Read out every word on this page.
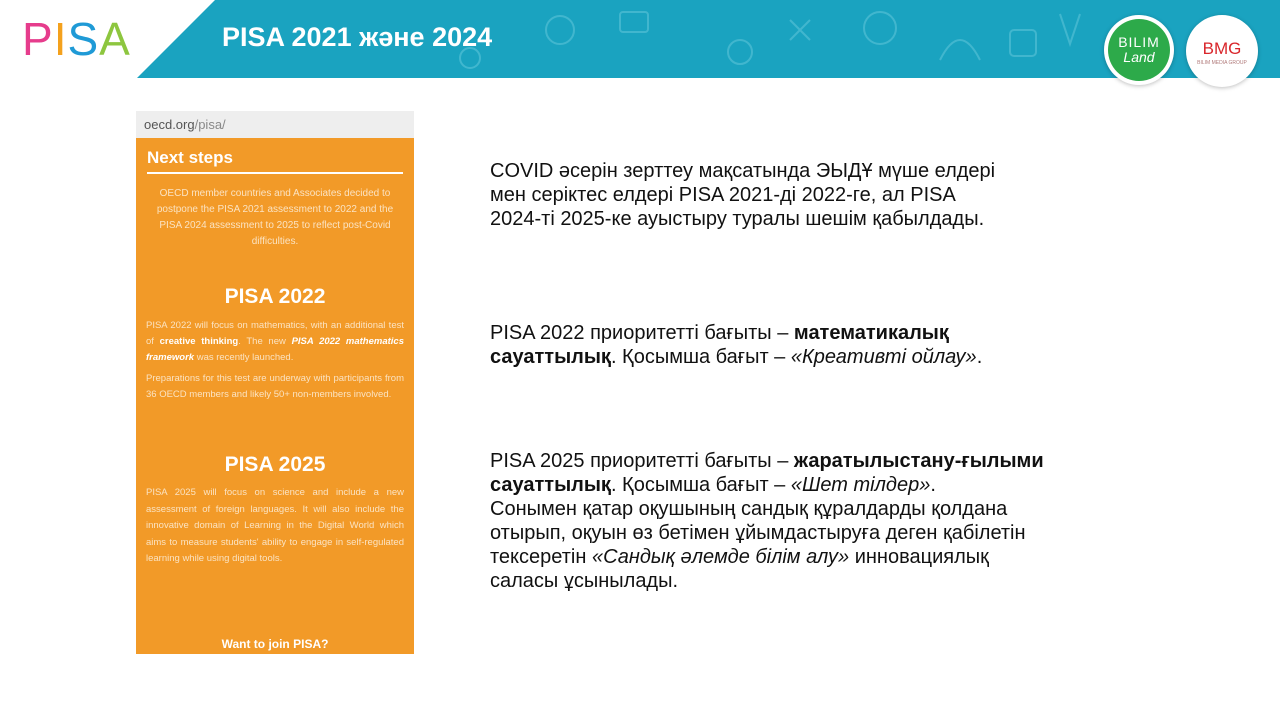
PISA	PISA 2021 және 2024	BILIM
Land	BMG
BILIM MEDIA GROUP
oecd.org/pisa/
Next steps
OECD member countries and Associates decided to postpone the PISA 2021 assessment to 2022 and the PISA 2024 assessment to 2025 to reflect post-Covid difficulties.
PISA 2022
PISA 2022 will focus on mathematics, with an additional test of creative thinking. The new PISA 2022 mathematics framework was recently launched.
Preparations for this test are underway with participants from 36 OECD members and likely 50+ non-members involved.
PISA 2025
PISA 2025 will focus on science and include a new assessment of foreign languages. It will also include the innovative domain of Learning in the Digital World which aims to measure students' ability to engage in self-regulated learning while using digital tools.
Want to join PISA?
COVID әсерін зерттеу мақсатында ЭЫДҰ мүше елдері
мен серіктес елдері PISA 2021-ді 2022-ге, ал PISA
2024-ті 2025-ке ауыстыру туралы шешім қабылдады.
PISA 2022 приоритетті бағыты – математикалық
сауаттылық. Қосымша бағыт – «Креативті ойлау».
PISA 2025 приоритетті бағыты – жаратылыстану-ғылыми
сауаттылық. Қосымша бағыт – «Шет тілдер».
Сонымен қатар оқушының сандық құралдарды қолдана
отырып, оқуын өз бетімен ұйымдастыруға деген қабілетін
тексеретін «Сандық әлемде білім алу» инновациялық
саласы ұсынылады.
